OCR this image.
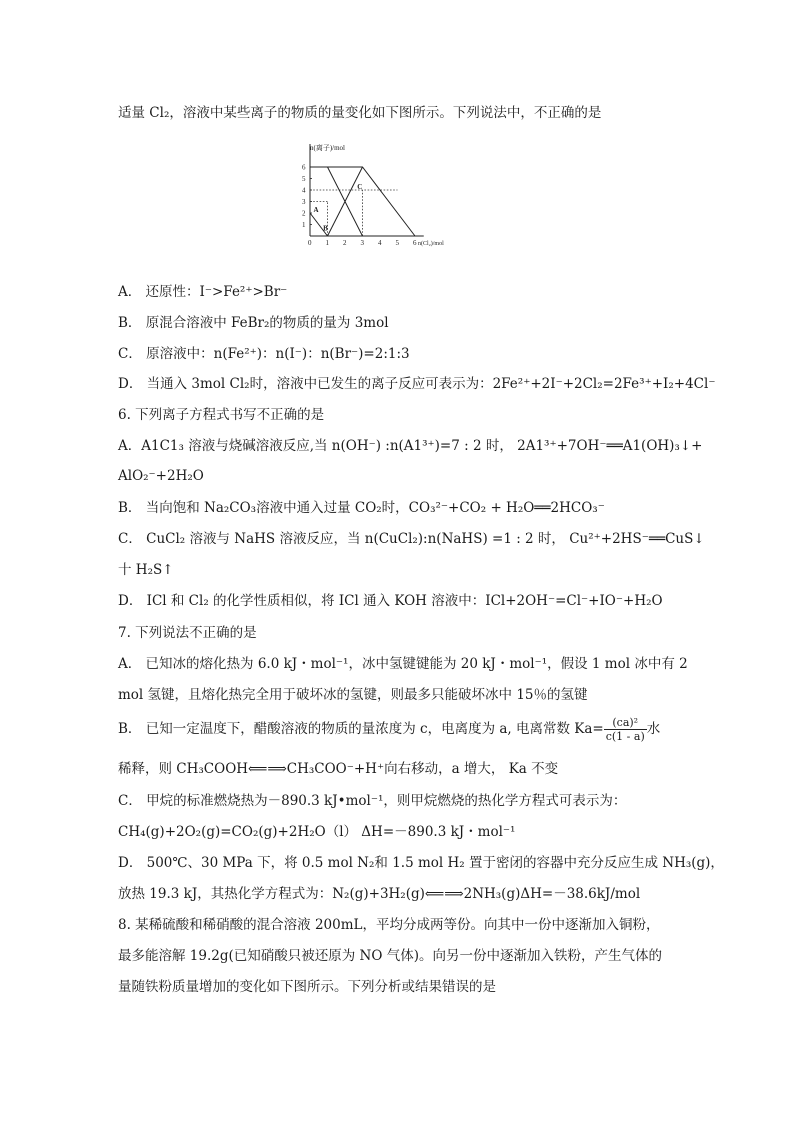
适量 Cl₂，溶液中某些离子的物质的量变化如下图所示。下列说法中，不正确的是
n(离子)/mol
n(Cl₂)/mol
0 1 2 3 4 5 6
1
2
3
4
5
6
A
B
C
A． 还原性：I⁻>Fe²⁺>Br⁻
B． 原混合溶液中 FeBr₂的物质的量为 3mol
C． 原溶液中：n(Fe²⁺)：n(I⁻)：n(Br⁻)=2:1:3
D． 当通入 3mol Cl₂时，溶液中已发生的离子反应可表示为：2Fe²⁺+2I⁻+2Cl₂=2Fe³⁺+I₂+4Cl⁻
6. 下列离子方程式书写不正确的是
A．A1C1₃ 溶液与烧碱溶液反应,当 n(OH⁻) :n(A1³⁺)=7 : 2 时， 2A1³⁺+7OH⁻══A1(OH)₃↓+
AlO₂⁻+2H₂O
B． 当向饱和 Na₂CO₃溶液中通入过量 CO₂时，CO₃²⁻+CO₂ + H₂O══2HCO₃⁻
C． CuCl₂ 溶液与 NaHS 溶液反应，当 n(CuCl₂):n(NaHS) =1 : 2 时， Cu²⁺+2HS⁻══CuS↓
十 H₂S↑
D． ICl 和 Cl₂ 的化学性质相似，将 ICl 通入 KOH 溶液中：ICl+2OH⁻=Cl⁻+IO⁻+H₂O
7. 下列说法不正确的是
A． 已知冰的熔化热为 6.0 kJ・mol⁻¹，冰中氢键键能为 20 kJ・mol⁻¹，假设 1 mol 冰中有 2
mol 氢键，且熔化热完全用于破坏冰的氢键，则最多只能破坏冰中 15％的氢键
B． 已知一定温度下，醋酸溶液的物质的量浓度为 c，电离度为 a, 电离常数 $Ka= \frac{\text{(ca)²}}{c(1 - a)}$ 水
稀释，则 CH₃COOH⟸⟹CH₃COO⁻+H⁺向右移动，a 增大， Ka 不变
C． 甲烷的标准燃烧热为－890.3 kJ•mol⁻¹，则甲烷燃烧的热化学方程式可表示为：
CH₄(g)+2O₂(g)=CO₂(g)+2H₂O（l） ΔH=－890.3 kJ・mol⁻¹
D． 500℃、30 MPa 下，将 0.5 mol N₂和 1.5 mol H₂ 置于密闭的容器中充分反应生成 NH₃(g)，
放热 19.3 kJ，其热化学方程式为：N₂(g)+3H₂(g)⟸⟹2NH₃(g)ΔH=－38.6kJ/mol
8. 某稀硫酸和稀硝酸的混合溶液 200mL，平均分成两等份。向其中一份中逐渐加入铜粉，
最多能溶解 19.2g(已知硝酸只被还原为 NO 气体)。向另一份中逐渐加入铁粉，产生气体的
量随铁粉质量增加的变化如下图所示。下列分析或结果错误的是
